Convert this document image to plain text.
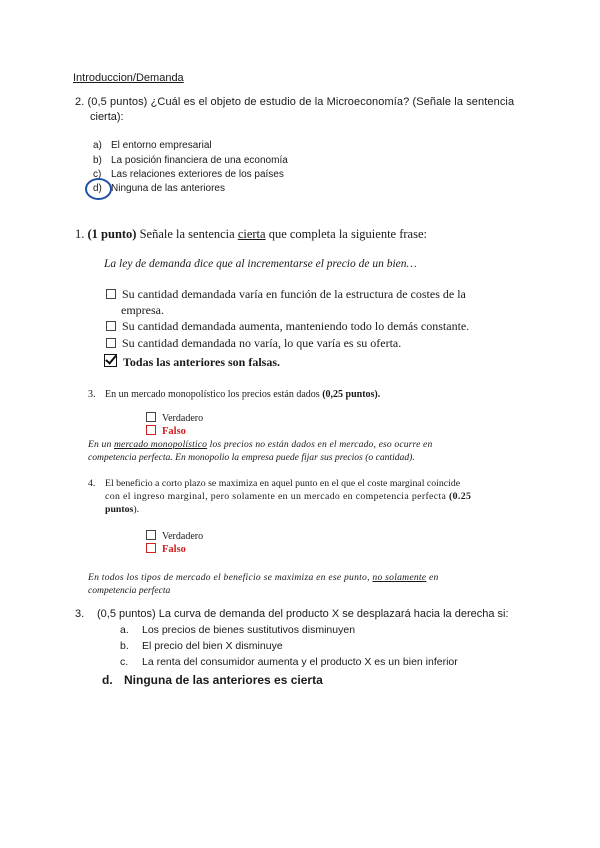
Introduccion/Demanda
2. (0,5 puntos) ¿Cuál es el objeto de estudio de la Microeconomía? (Señale la sentencia
cierta):
a) El entorno empresarial
b) La posición financiera de una economía
c) Las relaciones exteriores de los países
d) Ninguna de las anteriores
1. (1 punto) Señale la sentencia cierta que completa la siguiente frase:
La ley de demanda dice que al incrementarse el precio de un bien…
Su cantidad demandada varía en función de la estructura de costes de la
empresa.
Su cantidad demandada aumenta, manteniendo todo lo demás constante.
Su cantidad demandada no varía, lo que varía es su oferta.
Todas las anteriores son falsas.
3. En un mercado monopolístico los precios están dados (0,25 puntos).
Verdadero
Falso
En un mercado monopolístico los precios no están dados en el mercado, eso ocurre en
competencia perfecta. En monopolio la empresa puede fijar sus precios (o cantidad).
4. El beneficio a corto plazo se maximiza en aquel punto en el que el coste marginal coincide
con el ingreso marginal, pero solamente en un mercado en competencia perfecta (0.25
puntos).
Verdadero
Falso
En todos los tipos de mercado el beneficio se maximiza en ese punto, no solamente en
competencia perfecta
3. (0,5 puntos) La curva de demanda del producto X se desplazará hacia la derecha si:
a. Los precios de bienes sustitutivos disminuyen
b. El precio del bien X disminuye
c. La renta del consumidor aumenta y el producto X es un bien inferior
d. Ninguna de las anteriores es cierta
